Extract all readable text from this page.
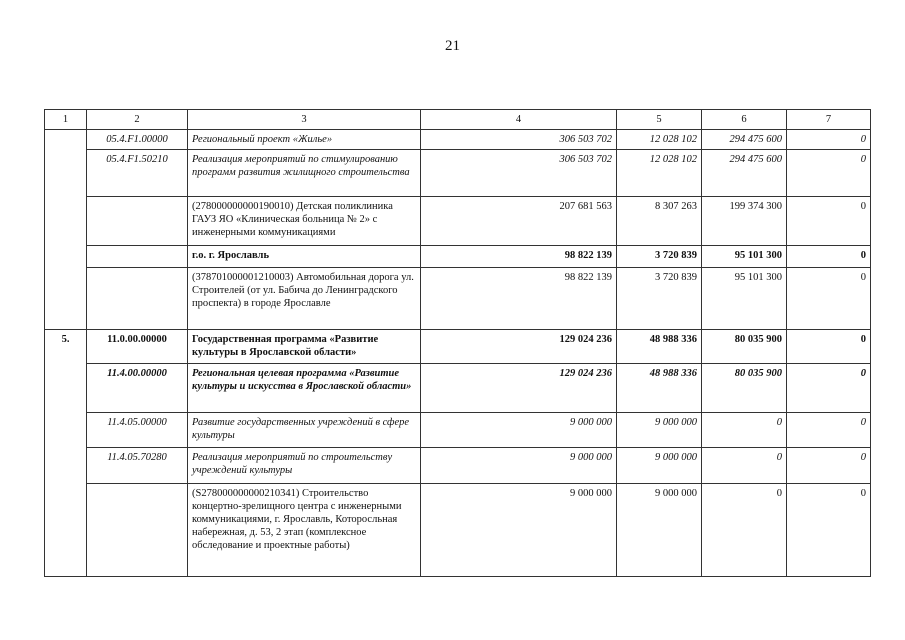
21
1	2	3	4	5	6	7
	05.4.F1.00000	Региональный проект «Жилье»	306 503 702	12 028 102	294 475 600	0
	05.4.F1.50210	Реализация мероприятий по стимулированию программ развития жилищного строительства	306 503 702	12 028 102	294 475 600	0
		(278000000000190010) Детская поликлиника ГАУЗ ЯО «Клиническая больница № 2» с инженерными коммуникациями	207 681 563	8 307 263	199 374 300	0
		г.о. г. Ярославль	98 822 139	3 720 839	95 101 300	0
		(378701000001210003) Автомобильная дорога ул. Строителей (от ул. Бабича до Ленинградского проспекта) в городе Ярославле	98 822 139	3 720 839	95 101 300	0
5.	11.0.00.00000	Государственная программа «Развитие культуры в Ярославской области»	129 024 236	48 988 336	80 035 900	0
	11.4.00.00000	Региональная целевая программа «Развитие культуры и искусства в Ярославской области»	129 024 236	48 988 336	80 035 900	0
	11.4.05.00000	Развитие государственных учреждений в сфере культуры	9 000 000	9 000 000	0	0
	11.4.05.70280	Реализация мероприятий по строительству учреждений культуры	9 000 000	9 000 000	0	0
		(S278000000000210341) Строительство концертно-зрелищного центра с инженерными коммуникациями, г. Ярославль, Которосльная набережная, д. 53, 2 этап (комплексное обследование и проектные работы)	9 000 000	9 000 000	0	0
